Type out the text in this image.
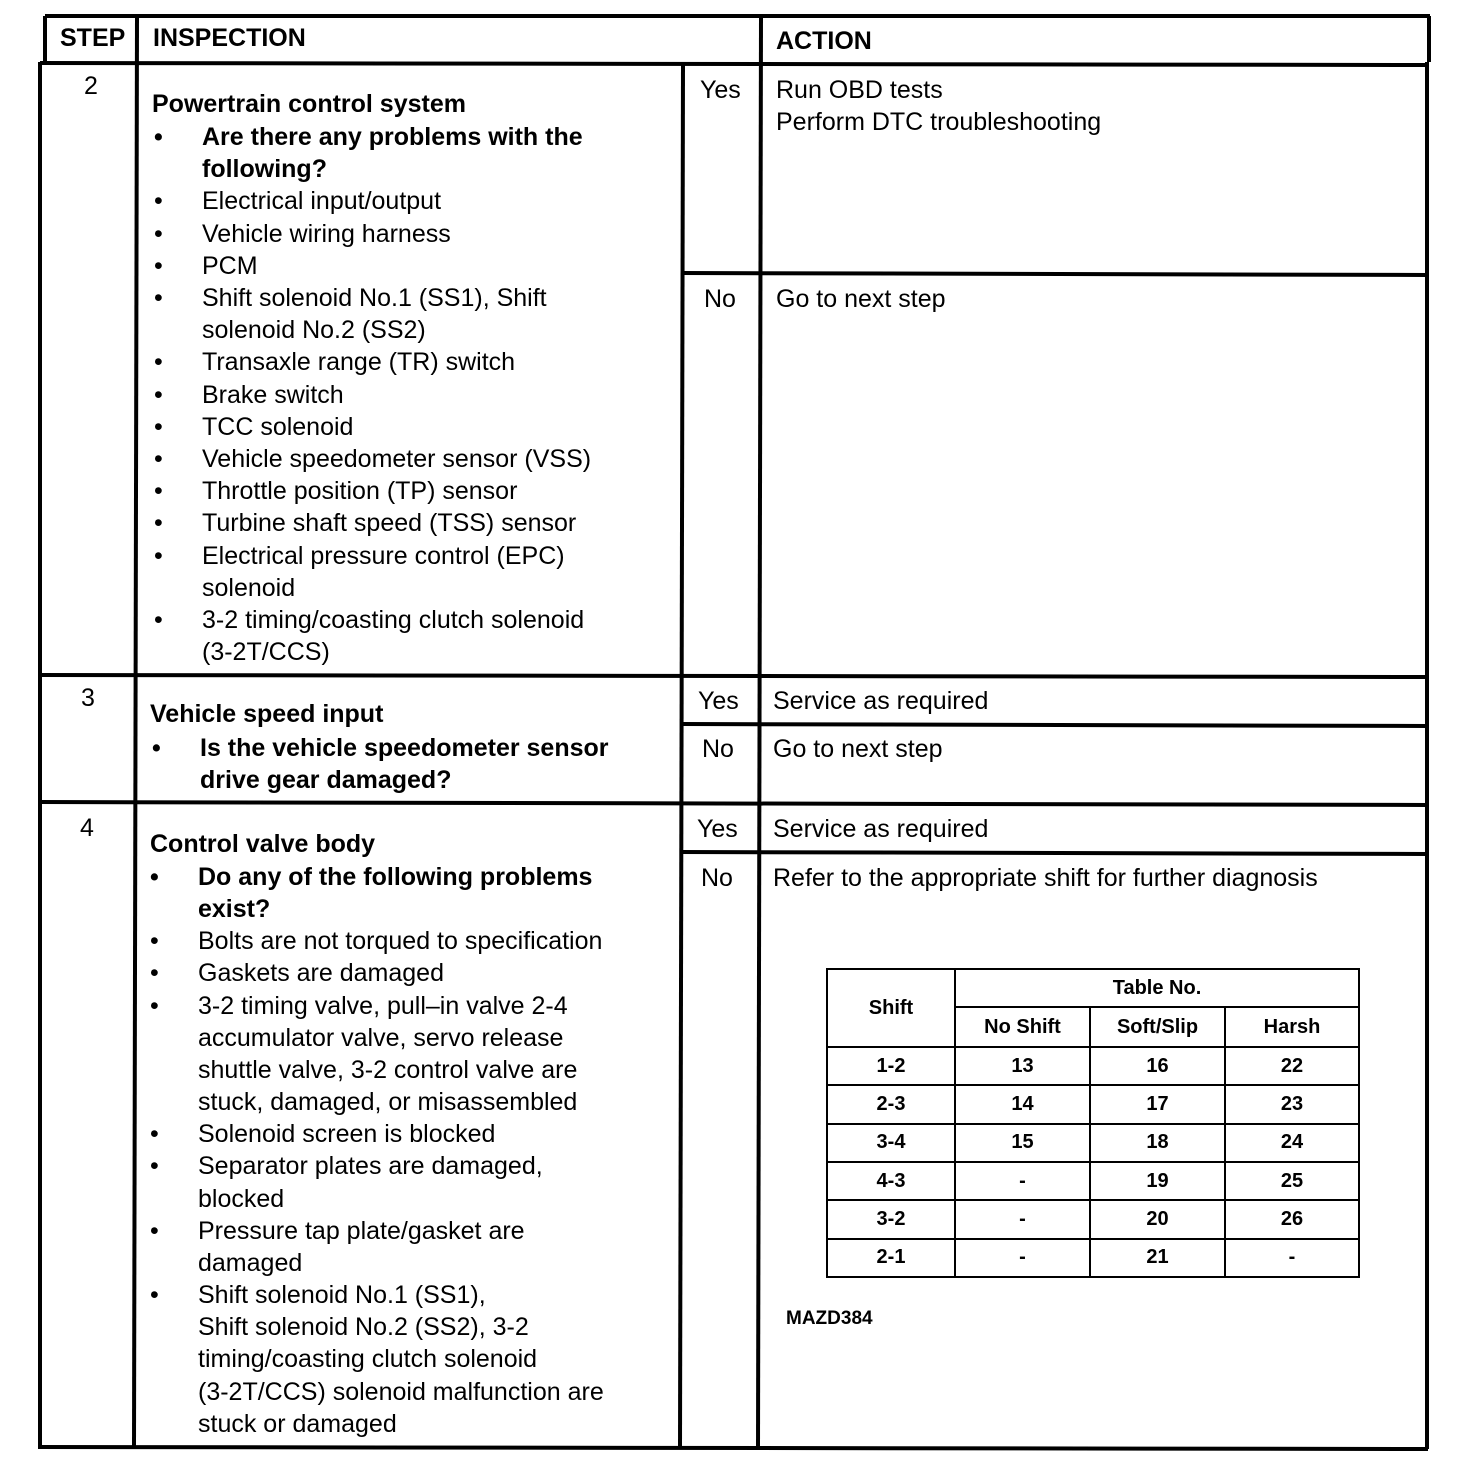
STEP INSPECTION	ACTION
2
Powertrain control system
• Are there any problems with the
following?
• Electrical input/output
• Vehicle wiring harness
• PCM
• Shift solenoid No.1 (SS1), Shift
solenoid No.2 (SS2)
• Transaxle range (TR) switch
• Brake switch
• TCC solenoid
• Vehicle speedometer sensor (VSS)
• Throttle position (TP) sensor
• Turbine shaft speed (TSS) sensor
• Electrical pressure control (EPC)
solenoid
• 3-2 timing/coasting clutch solenoid
(3-2T/CCS)
Yes Run OBD tests
Perform DTC troubleshooting
No Go to next step
3
Vehicle speed input
• Is the vehicle speedometer sensor
drive gear damaged?
Yes Service as required
No Go to next step
4
Control valve body
• Do any of the following problems
exist?
• Bolts are not torqued to specification
• Gaskets are damaged
• 3-2 timing valve, pull–in valve 2-4
accumulator valve, servo release
shuttle valve, 3-2 control valve are
stuck, damaged, or misassembled
• Solenoid screen is blocked
• Separator plates are damaged,
blocked
• Pressure tap plate/gasket are
damaged
• Shift solenoid No.1 (SS1),
Shift solenoid No.2 (SS2), 3-2
timing/coasting clutch solenoid
(3-2T/CCS) solenoid malfunction are
stuck or damaged
Yes Service as required
No Refer to the appropriate shift for further diagnosis
Shift	Table No.		
	No Shift	Soft/Slip	Harsh
1-2	13	16	22
2-3	14	17	23
3-4	15	18	24
4-3	-	19	25
3-2	-	20	26
2-1	-	21	-
MAZD384
